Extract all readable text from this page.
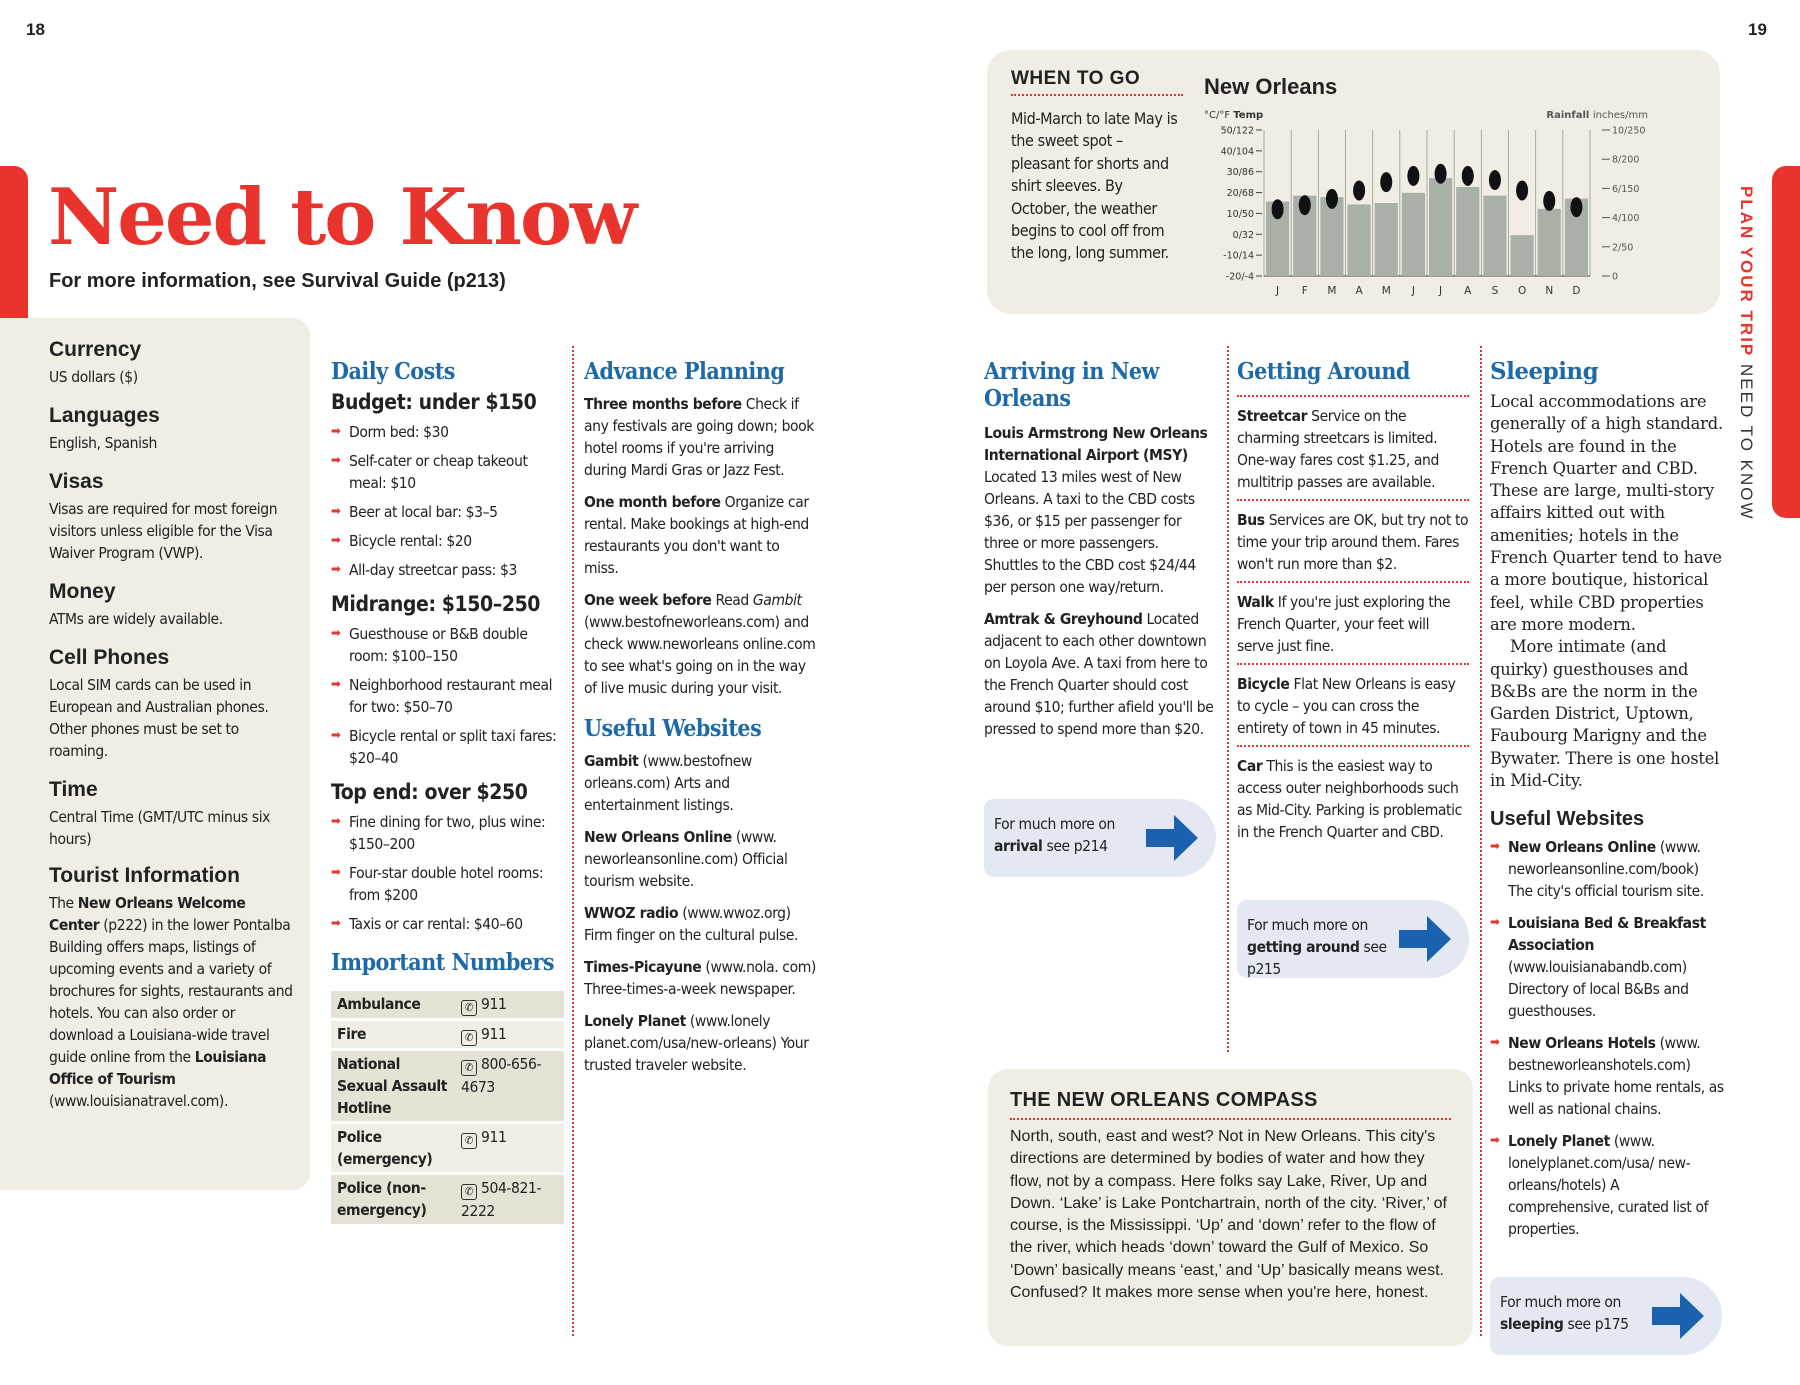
18	19
PLAN YOUR TRIP NEED TO KNOW
Need to Know
For more information, see Survival Guide (p213)
Currency
US dollars ($)
Languages
English, Spanish
Visas
Visas are required for most foreign visitors unless eligible for the Visa Waiver Program (VWP).
Money
ATMs are widely available.
Cell Phones
Local SIM cards can be used in European and Australian phones. Other phones must be set to roaming.
Time
Central Time (GMT/UTC minus six hours)
Tourist Information
The New Orleans Welcome Center (p222) in the lower Pontalba Building offers maps, listings of upcoming events and a variety of brochures for sights, restaurants and hotels. You can also order or download a Louisiana-wide travel guide online from the Louisiana Office of Tourism (www.louisianatravel.com).
Daily Costs
Budget: under $150
➡ Dorm bed: $30
➡ Self-cater or cheap takeout meal: $10
➡ Beer at local bar: $3–5
➡ Bicycle rental: $20
➡ All-day streetcar pass: $3
Midrange: $150–250
➡ Guesthouse or B&B double room: $100–150
➡ Neighborhood restaurant meal for two: $50–70
➡ Bicycle rental or split taxi fares: $20–40
Top end: over $250
➡ Fine dining for two, plus wine: $150–200
➡ Four-star double hotel rooms: from $200
➡ Taxis or car rental: $40–60
Important Numbers
Ambulance	✆ 911
Fire	✆ 911
National Sexual Assault Hotline	✆ 800-656-4673
Police (emergency)	✆ 911
Police (non-emergency)	✆ 504-821-2222
Advance Planning
Three months before Check if any festivals are going down; book hotel rooms if you're arriving during Mardi Gras or Jazz Fest.
One month before Organize car rental. Make bookings at high-end restaurants you don't want to miss.
One week before Read Gambit (www.bestofneworleans.com) and check www.neworleans online.com to see what's going on in the way of live music during your visit.
Useful Websites
Gambit (www.bestofnew orleans.com) Arts and entertainment listings.
New Orleans Online (www. neworleansonline.com) Official tourism website.
WWOZ radio (www.wwoz.org) Firm finger on the cultural pulse.
Times-Picayune (www.nola. com) Three-times-a-week newspaper.
Lonely Planet (www.lonely planet.com/usa/new-orleans) Your trusted traveler website.
WHEN TO GO
Mid-March to late May is the sweet spot – pleasant for shorts and shirt sleeves. By October, the weather begins to cool off from the long, long summer.
New Orleans
°C/°F Temp	Rainfall inches/mm
50/122
40/104
30/86
20/68
10/50
0/32
-10/14
-20/-4
10/250
8/200
6/150
4/100
2/50
0
J F M A M J J A S O N D
Arriving in New Orleans
Louis Armstrong New Orleans International Airport (MSY) Located 13 miles west of New Orleans. A taxi to the CBD costs $36, or $15 per passenger for three or more passengers. Shuttles to the CBD cost $24/44 per person one way/return.
Amtrak & Greyhound Located adjacent to each other downtown on Loyola Ave. A taxi from here to the French Quarter should cost around $10; further afield you'll be pressed to spend more than $20.
For much more on arrival see p214
Getting Around
Streetcar Service on the charming streetcars is limited. One-way fares cost $1.25, and multitrip passes are available.
Bus Services are OK, but try not to time your trip around them. Fares won't run more than $2.
Walk If you're just exploring the French Quarter, your feet will serve just fine.
Bicycle Flat New Orleans is easy to cycle – you can cross the entirety of town in 45 minutes.
Car This is the easiest way to access outer neighborhoods such as Mid-City. Parking is problematic in the French Quarter and CBD.
For much more on getting around see p215
THE NEW ORLEANS COMPASS
North, south, east and west? Not in New Orleans. This city's directions are determined by bodies of water and how they flow, not by a compass. Here folks say Lake, River, Up and Down. ‘Lake’ is Lake Pontchartrain, north of the city. ‘River,’ of course, is the Mississippi. ‘Up’ and ‘down’ refer to the flow of the river, which heads ‘down’ toward the Gulf of Mexico. So ‘Down’ basically means ‘east,’ and ‘Up’ basically means west. Confused? It makes more sense when you're here, honest.
Sleeping
Local accommodations are generally of a high standard. Hotels are found in the French Quarter and CBD. These are large, multi-story affairs kitted out with amenities; hotels in the French Quarter tend to have a more boutique, historical feel, while CBD properties are more modern.
More intimate (and quirky) guesthouses and B&Bs are the norm in the Garden District, Uptown, Faubourg Marigny and the Bywater. There is one hostel in Mid-City.
Useful Websites
➡ New Orleans Online (www. neworleansonline.com/book) The city's official tourism site.
➡ Louisiana Bed & Breakfast Association (www.louisianabandb.com) Directory of local B&Bs and guesthouses.
➡ New Orleans Hotels (www. bestneworleanshotels.com) Links to private home rentals, as well as national chains.
➡ Lonely Planet (www. lonelyplanet.com/usa/ new-orleans/hotels) A comprehensive, curated list of properties.
For much more on sleeping see p175
